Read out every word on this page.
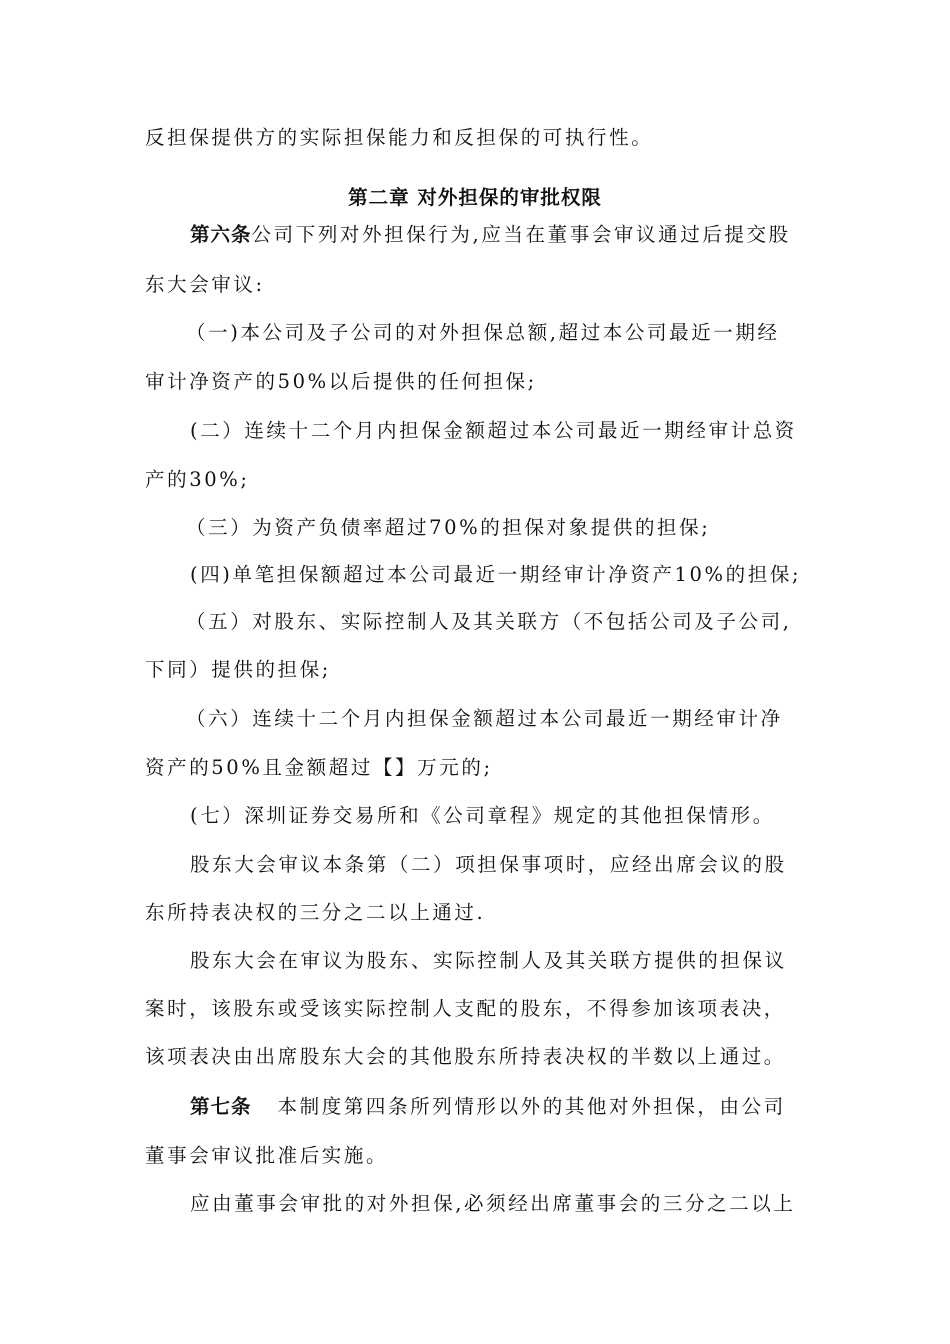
反担保提供方的实际担保能力和反担保的可执行性。
第二章 对外担保的审批权限
第六条公司下列对外担保行为,应当在董事会审议通过后提交股
东大会审议:
（一)本公司及子公司的对外担保总额,超过本公司最近一期经
审计净资产的50%以后提供的任何担保;
(二）连续十二个月内担保金额超过本公司最近一期经审计总资
产的30%;
（三）为资产负债率超过70%的担保对象提供的担保;
(四)单笔担保额超过本公司最近一期经审计净资产10%的担保;
（五）对股东、实际控制人及其关联方（不包括公司及子公司,
下同）提供的担保;
（六）连续十二个月内担保金额超过本公司最近一期经审计净
资产的50%且金额超过【】万元的;
(七）深圳证券交易所和《公司章程》规定的其他担保情形。
股东大会审议本条第（二）项担保事项时，应经出席会议的股
东所持表决权的三分之二以上通过.
股东大会在审议为股东、实际控制人及其关联方提供的担保议
案时，该股东或受该实际控制人支配的股东，不得参加该项表决，
该项表决由出席股东大会的其他股东所持表决权的半数以上通过。
第七条 本制度第四条所列情形以外的其他对外担保，由公司
董事会审议批准后实施。
应由董事会审批的对外担保,必须经出席董事会的三分之二以上
